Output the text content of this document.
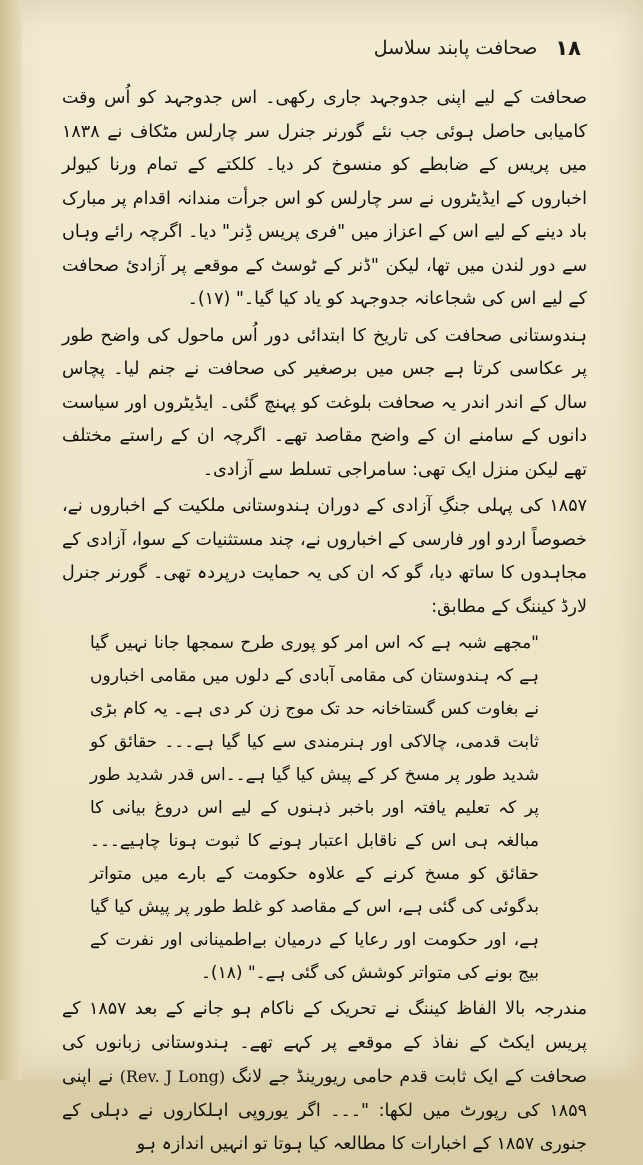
۱۸
صحافت پابند سلاسل

صحافت کے لیے اپنی جدوجہد جاری رکھی۔ اس جدوجہد کو اُس وقت کامیابی حاصل ہوئی جب نئے گورنر جنرل سر چارلس مٹکاف نے ۱۸۳۸ میں پریس کے ضابطے کو منسوخ کر دیا۔ کلکتے کے تمام ورنا کیولر اخباروں کے ایڈیٹروں نے سر چارلس کو اس جرأت مندانہ اقدام پر مبارک باد دینے کے لیے اس کے اعزاز میں "فری پریس ڈِنر" دیا۔ اگرچہ رائے وہاں سے دور لندن میں تھا، لیکن "ڈنر کے ٹوسٹ کے موقعے پر آزادیٔ صحافت کے لیے اس کی شجاعانہ جدوجہد کو یاد کیا گیا۔" (۱۷)۔

ہندوستانی صحافت کی تاریخ کا ابتدائی دور اُس ماحول کی واضح طور پر عکاسی کرتا ہے جس میں برصغیر کی صحافت نے جنم لیا۔ پچاس سال کے اندر اندر یہ صحافت بلوغت کو پہنچ گئی۔ ایڈیٹروں اور سیاست دانوں کے سامنے ان کے واضح مقاصد تھے۔ اگرچہ ان کے راستے مختلف تھے لیکن منزل ایک تھی: سامراجی تسلط سے آزادی۔

۱۸۵۷ کی پہلی جنگِ آزادی کے دوران ہندوستانی ملکیت کے اخباروں نے، خصوصاً اردو اور فارسی کے اخباروں نے، چند مستثنیات کے سوا، آزادی کے مجاہدوں کا ساتھ دیا، گو کہ ان کی یہ حمایت درپردہ تھی۔ گورنر جنرل لارڈ کیننگ کے مطابق:

"مجھے شبہ ہے کہ اس امر کو پوری طرح سمجھا جانا نہیں گیا ہے کہ ہندوستان کی مقامی آبادی کے دلوں میں مقامی اخباروں نے بغاوت کس گستاخانہ حد تک موج زن کر دی ہے۔ یہ کام بڑی ثابت قدمی، چالاکی اور ہنرمندی سے کیا گیا ہے۔۔۔ حقائق کو شدید طور پر مسخ کر کے پیش کیا گیا ہے۔۔اس قدر شدید طور پر کہ تعلیم یافتہ اور باخبر ذہنوں کے لیے اس دروغ بیانی کا مبالغہ ہی اس کے ناقابل اعتبار ہونے کا ثبوت ہونا چاہیے۔۔۔ حقائق کو مسخ کرنے کے علاوہ حکومت کے بارے میں متواتر بدگوئی کی گئی ہے، اس کے مقاصد کو غلط طور پر پیش کیا گیا ہے، اور حکومت اور رعایا کے درمیان بےاطمینانی اور نفرت کے بیج بونے کی متواتر کوشش کی گئی ہے۔" (۱۸)۔

مندرجہ بالا الفاظ کیننگ نے تحریک کے ناکام ہو جانے کے بعد ۱۸۵۷ کے پریس ایکٹ کے نفاذ کے موقعے پر کہے تھے۔ ہندوستانی زبانوں کی صحافت کے ایک ثابت قدم حامی ریورینڈ جے لانگ (Rev. J Long) نے اپنی ۱۸۵۹ کی رپورٹ میں لکھا: "۔۔۔ اگر یوروپی اہلکاروں نے دہلی کے جنوری ۱۸۵۷ کے اخبارات کا مطالعہ کیا ہوتا تو انہیں اندازہ ہو
